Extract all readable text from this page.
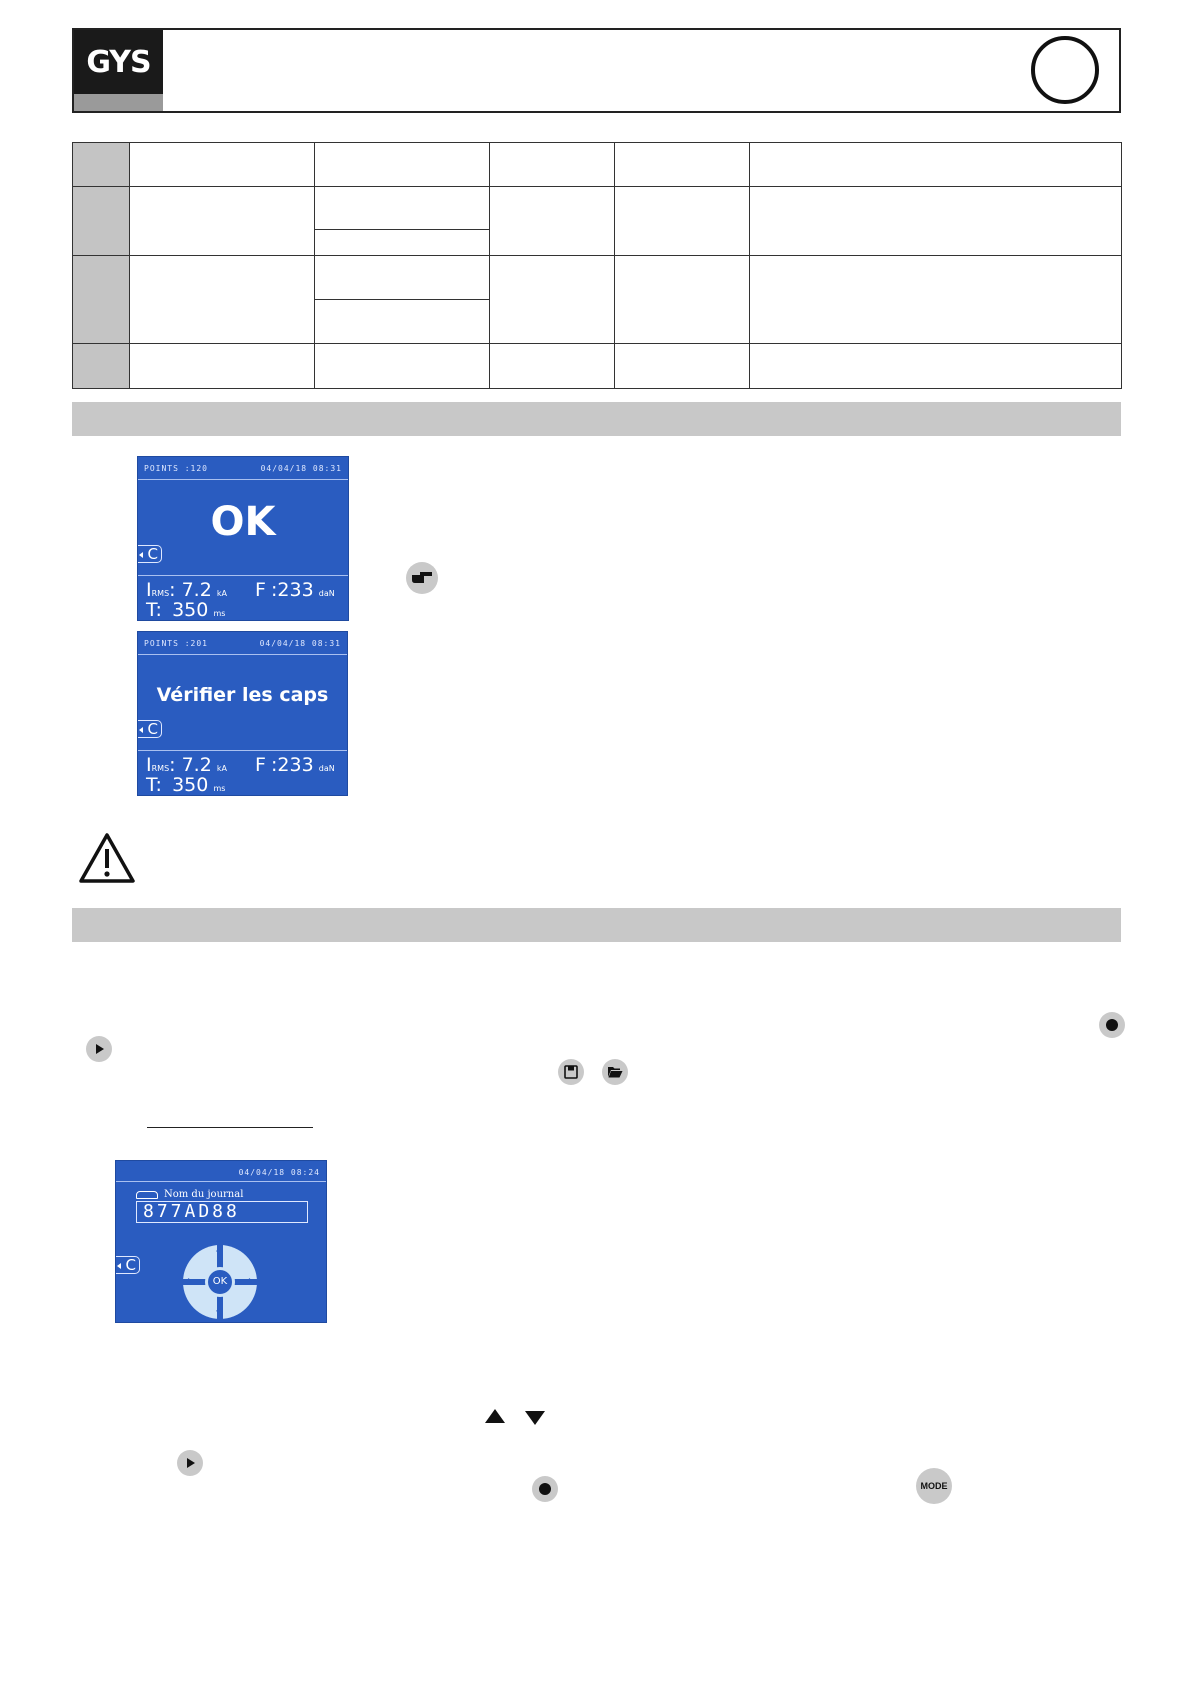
GYS

POINTS :120	04/04/18 08:31
OK
C
IRMS: 7.2 kA F :233 daN
T: 350 ms
POINTS :201	04/04/18 08:31
Vérifier les caps
C
IRMS: 7.2 kA F :233 daN
T: 350 ms
04/04/18 08:24
Nom du journal
877AD88
C
↑
↓
←	→
OK
MODE
